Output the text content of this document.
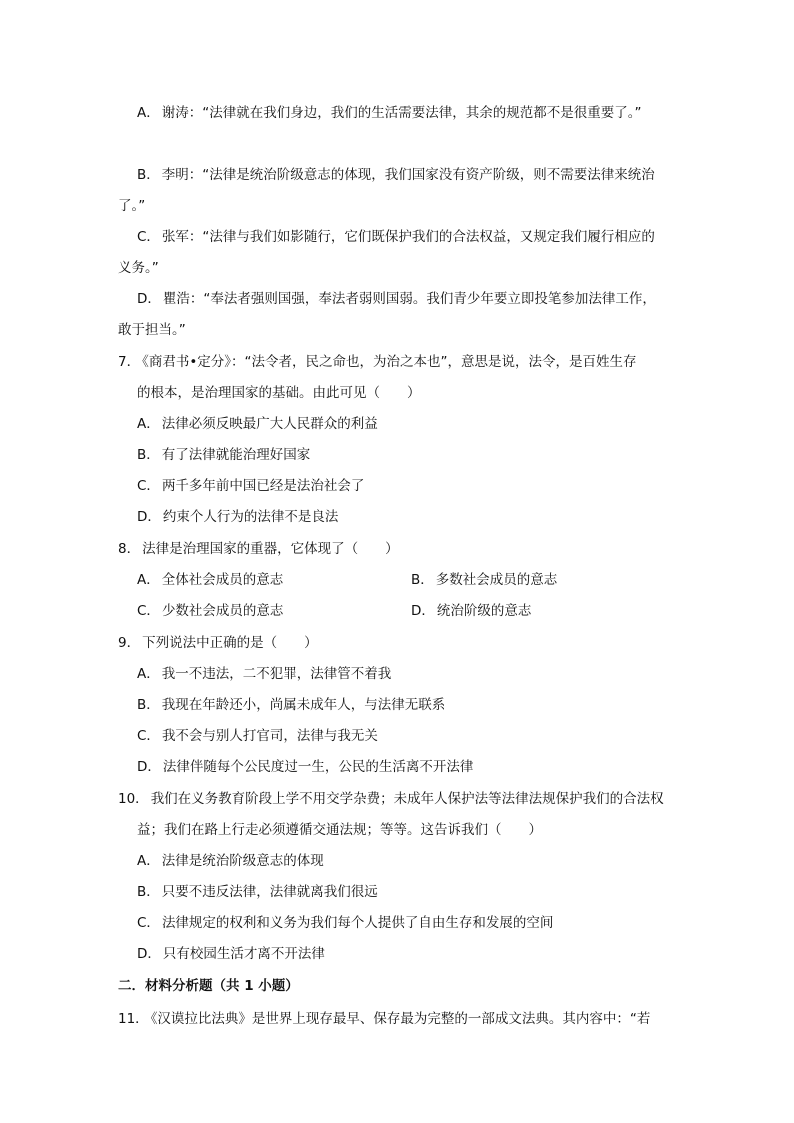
A． 谢涛：“法律就在我们身边，我们的生活需要法律，其余的规范都不是很重要了。”
B． 李明：“法律是统治阶级意志的体现，我们国家没有资产阶级，则不需要法律来统治
了。”
C． 张军：“法律与我们如影随行，它们既保护我们的合法权益，又规定我们履行相应的
义务。”
D． 瞿浩：“奉法者强则国强，奉法者弱则国弱。我们青少年要立即投笔参加法律工作，
敢于担当。”
7． 《商君书•定分》：“法令者，民之命也，为治之本也”，意思是说，法令，是百姓生存
的根本，是治理国家的基础。由此可见（　　）
A． 法律必须反映最广大人民群众的利益
B． 有了法律就能治理好国家
C． 两千多年前中国已经是法治社会了
D． 约束个人行为的法律不是良法
8． 法律是治理国家的重器，它体现了（　　）
A． 全体社会成员的意志	B． 多数社会成员的意志
C． 少数社会成员的意志	D． 统治阶级的意志
9． 下列说法中正确的是（　　）
A． 我一不违法，二不犯罪，法律管不着我
B． 我现在年龄还小，尚属未成年人，与法律无联系
C． 我不会与别人打官司，法律与我无关
D． 法律伴随每个公民度过一生，公民的生活离不开法律
10． 我们在义务教育阶段上学不用交学杂费；未成年人保护法等法律法规保护我们的合法权
益；我们在路上行走必须遵循交通法规；等等。这告诉我们（　　）
A． 法律是统治阶级意志的体现
B． 只要不违反法律，法律就离我们很远
C． 法律规定的权利和义务为我们每个人提供了自由生存和发展的空间
D． 只有校园生活才离不开法律
二．材料分析题（共 1 小题）
11． 《汉谟拉比法典》是世界上现存最早、保存最为完整的一部成文法典。其内容中：“若
